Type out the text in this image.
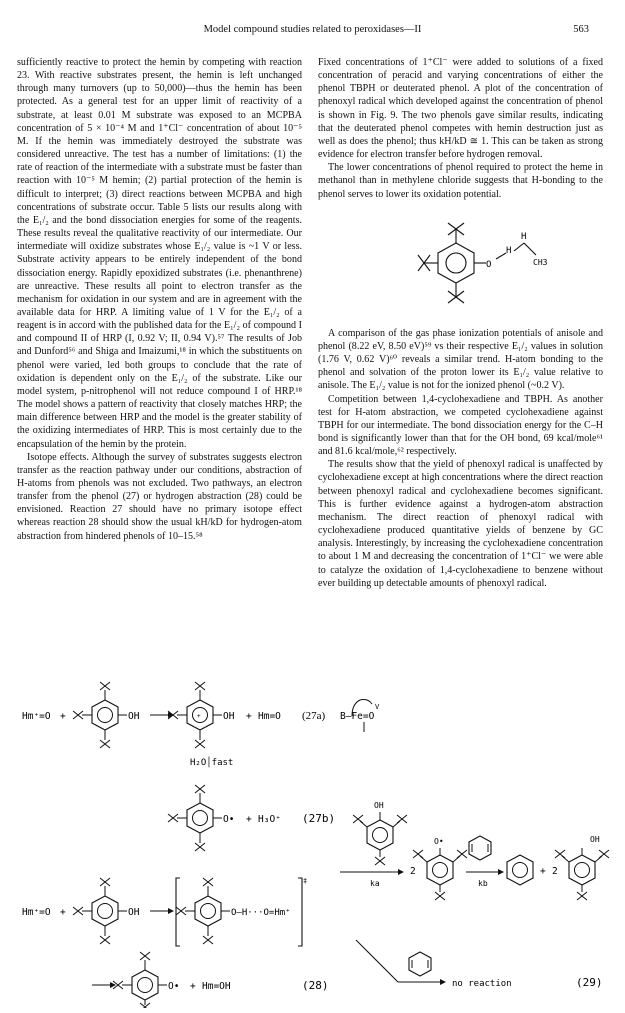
Model compound studies related to peroxidases—II	563

sufficiently reactive to protect the hemin by competing with reaction 23. With reactive substrates present, the hemin is left unchanged through many turnovers (up to 50,000)—thus the hemin has been protected. As a general test for an upper limit of reactivity of a substrate, at least 0.01 M substrate was exposed to an MCPBA concentration of 5 × 10⁻⁴ M and 1⁺Cl⁻ concentration of about 10⁻⁵ M. If the hemin was immediately destroyed the substrate was considered unreactive. The test has a number of limitations: (1) the rate of reaction of the intermediate with a substrate must be faster than reaction with 10⁻⁵ M hemin; (2) partial protection of the hemin is difficult to interpret; (3) direct reactions between MCPBA and high concentrations of substrate occur. Table 5 lists our results along with the E₁/₂ and the bond dissociation energies for some of the reagents. These results reveal the qualitative reactivity of our intermediate. Our intermediate will oxidize substrates whose E₁/₂ value is ~1 V or less. Substrate activity appears to be entirely independent of the bond dissociation energy. Rapidly epoxidized substrates (i.e. phenanthrene) are unreactive. These results all point to electron transfer as the mechanism for oxidation in our system and are in agreement with the available data for HRP. A limiting value of 1 V for the E₁/₂ of a reagent is in accord with the published data for the E₁/₂ of compound I and compound II of HRP (I, 0.92 V; II, 0.94 V).⁵⁷ The results of Job and Dunford⁵⁶ and Shiga and Imaizumi,¹⁸ in which the substituents on phenol were varied, led both groups to conclude that the rate of oxidation is dependent only on the E₁/₂ of the substrate. Like our model system, p-nitrophenol will not reduce compound I of HRP.¹⁸ The model shows a pattern of reactivity that closely matches HRP; the main difference between HRP and the model is the greater stability of the oxidizing intermediates of HRP. This is most certainly due to the encapsulation of the hemin by the protein.

Isotope effects. Although the survey of substrates suggests electron transfer as the reaction pathway under our conditions, abstraction of H-atoms from phenols was not excluded. Two pathways, an electron transfer from the phenol (27) or hydrogen abstraction (28) could be envisioned. Reaction 27 should have no primary isotope effect whereas reaction 28 should show the usual kH/kD for hydrogen-atom abstraction from hindered phenols of 10–15.⁵⁸

Fixed concentrations of 1⁺Cl⁻ were added to solutions of a fixed concentration of peracid and varying concentrations of either the phenol TBPH or deuterated phenol. A plot of the concentration of phenoxyl radical which developed against the concentration of phenol is shown in Fig. 9. The two phenols gave similar results, indicating that the deuterated phenol competes with hemin destruction just as well as does the phenol; thus kH/kD ≅ 1. This can be taken as strong evidence for electron transfer before hydrogen removal.

The lower concentrations of phenol required to protect the heme in methanol than in methylene chloride suggests that H-bonding to the phenol serves to lower its oxidation potential.

O
H
H
CH3

A comparison of the gas phase ionization potentials of anisole and phenol (8.22 eV, 8.50 eV)⁵⁹ vs their respective E₁/₂ values in solution (1.76 V, 0.62 V)⁶⁰ reveals a similar trend. H-atom bonding to the phenol and solvation of the proton lower its E₁/₂ value relative to anisole. The E₁/₂ value is not for the ionized phenol (~0.2 V).

Competition between 1,4-cyclohexadiene and TBPH. As another test for H-atom abstraction, we competed cyclohexadiene against TBPH for our intermediate. The bond dissociation energy for the C–H bond is significantly lower than that for the OH bond, 69 kcal/mole⁶¹ and 81.6 kcal/mole,⁶² respectively.

The results show that the yield of phenoxyl radical is unaffected by cyclohexadiene except at high concentrations where the direct reaction between phenoxyl radical and cyclohexadiene becomes significant. This is further evidence against a hydrogen-atom abstraction mechanism. The direct reaction of phenoxyl radical with cyclohexadiene produced quantitative yields of benzene by GC analysis. Interestingly, by increasing the cyclohexadiene concentration to about 1 M and decreasing the concentration of 1⁺Cl⁻ we were able to catalyze the oxidation of 1,4-cyclohexadiene to benzene without ever building up detectable amounts of phenoxyl radical.

Hm⁺=O +	OH	+ OH + Hm=O (27a)
H₂O│fast
O• + H₃O⁺ (27b)
Hm⁺=O +	OH	O—H···O=Hm⁺
‡
O• + Hm=OH	(28)
B—Fe=O
V
OH
ka
2
O•
kb
+ 2
OH
no reaction	(29)
